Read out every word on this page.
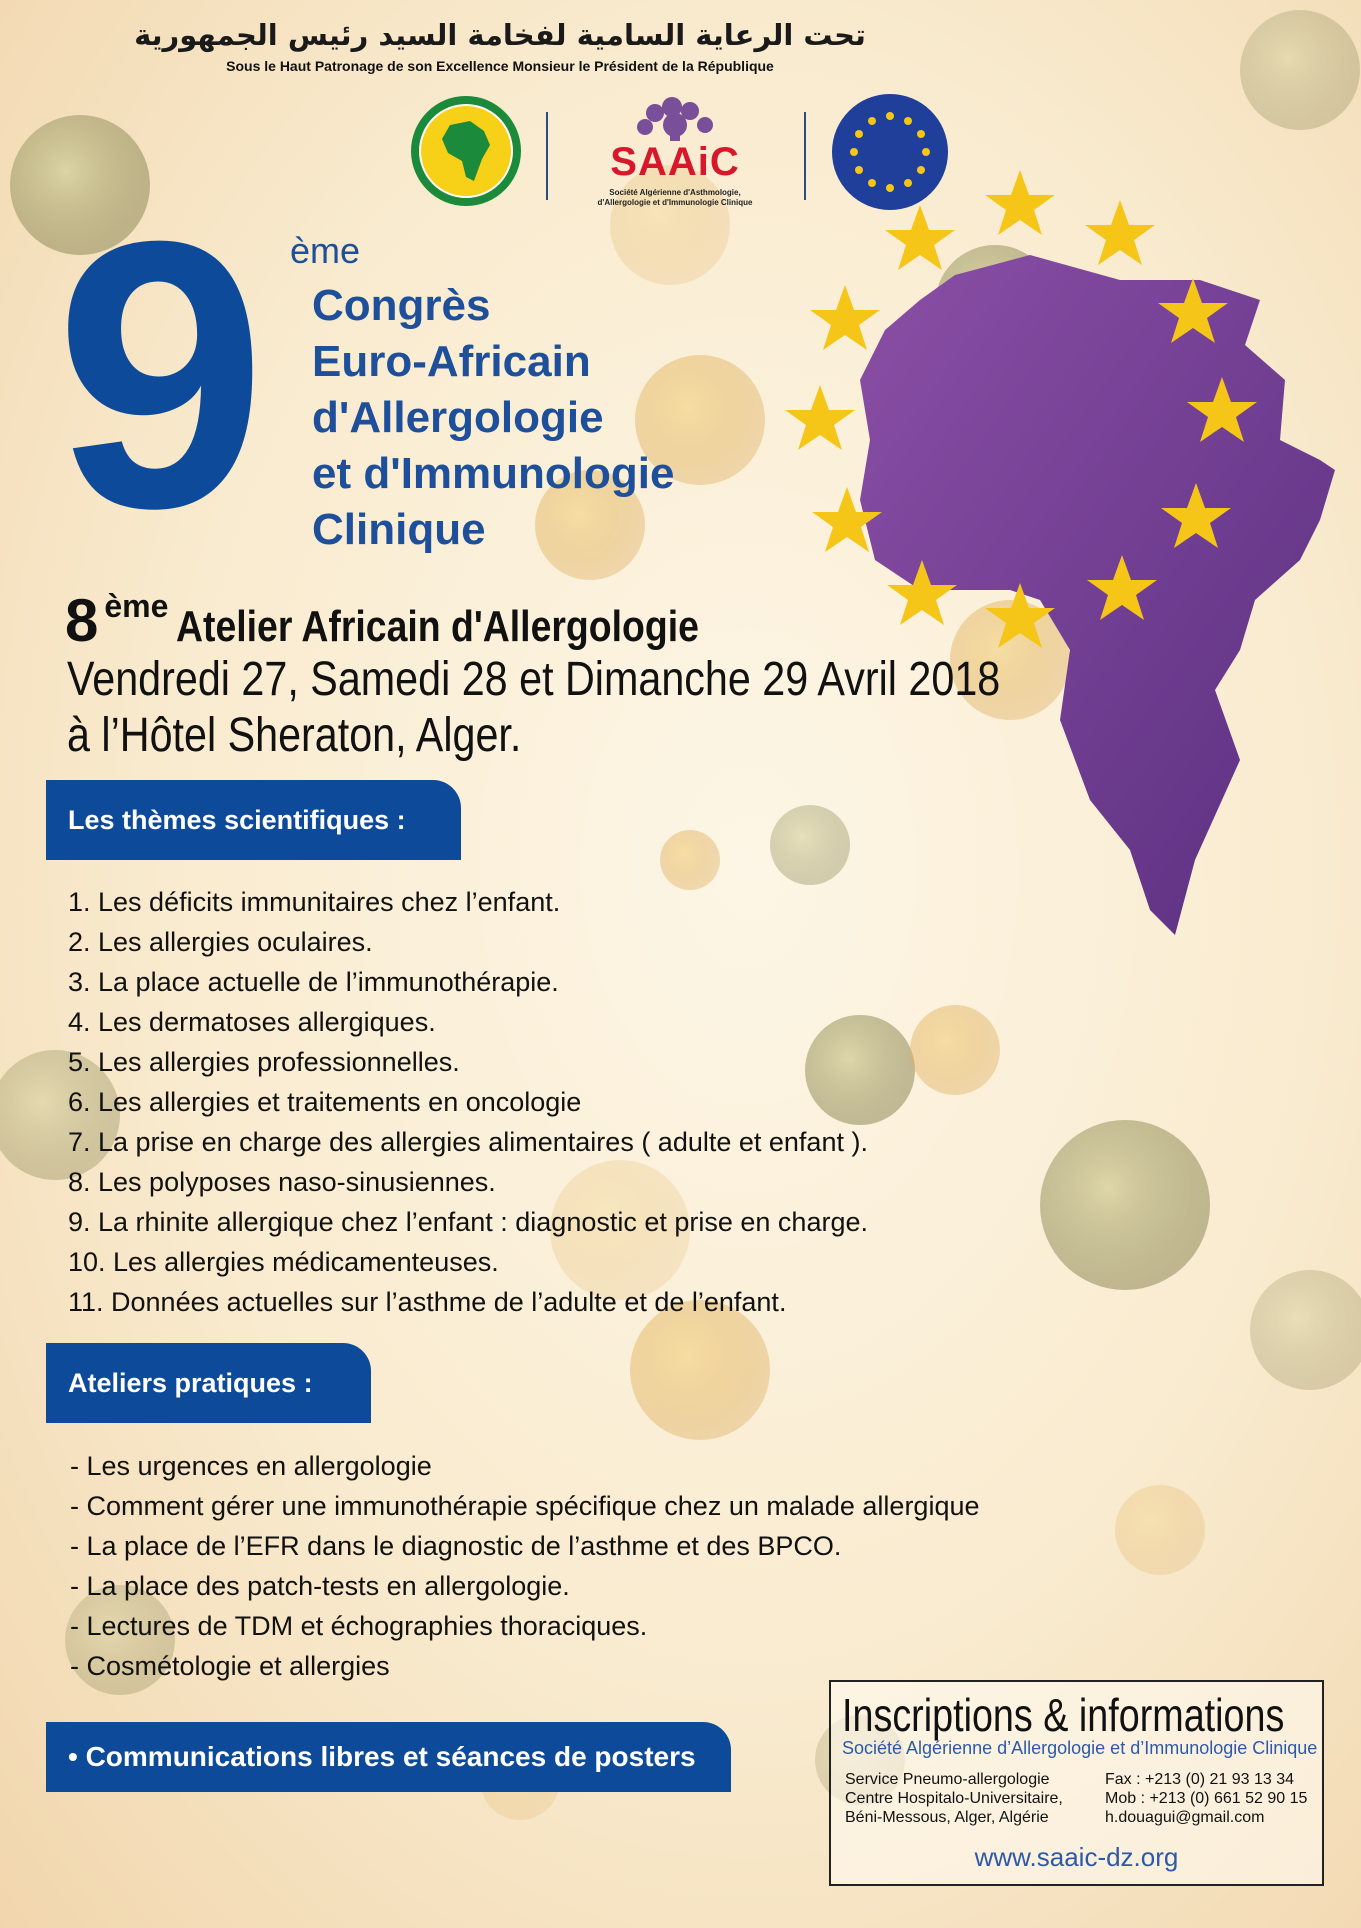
تحت الرعاية السامية لفخامة السيد رئيس الجمهورية
Sous le Haut Patronage de son Excellence Monsieur le Président de la République
SAAiC
Société Algérienne d'Asthmologie,
d'Allergologie et d'Immunologie Clinique
9 ème
Congrès
Euro-Africain
d'Allergologie
et d'Immunologie
Clinique
8 ème Atelier Africain d'Allergologie
Vendredi 27, Samedi 28 et Dimanche 29 Avril 2018
à l’Hôtel Sheraton, Alger.
Les thèmes scientifiques :
1. Les déficits immunitaires chez l’enfant.
2. Les allergies oculaires.
3. La place actuelle de l’immunothérapie.
4. Les dermatoses allergiques.
5. Les allergies professionnelles.
6. Les allergies et traitements en oncologie
7. La prise en charge des allergies alimentaires ( adulte et enfant ).
8. Les polyposes naso-sinusiennes.
9. La rhinite allergique chez l’enfant : diagnostic et prise en charge.
10. Les allergies médicamenteuses.
11. Données actuelles sur l’asthme de l’adulte et de l’enfant.
Ateliers pratiques :
- Les urgences en allergologie
- Comment gérer une immunothérapie spécifique chez un malade allergique
- La place de l’EFR dans le diagnostic de l’asthme et des BPCO.
- La place des patch-tests en allergologie.
- Lectures de TDM et échographies thoraciques.
- Cosmétologie et allergies
• Communications libres et séances de posters
Inscriptions & informations
Société Algérienne d’Allergologie et d’Immunologie Clinique
Service Pneumo-allergologie
Centre Hospitalo-Universitaire,
Béni-Messous, Alger, Algérie
Fax : +213 (0) 21 93 13 34
Mob : +213 (0) 661 52 90 15
h.douagui@gmail.com
www.saaic-dz.org
